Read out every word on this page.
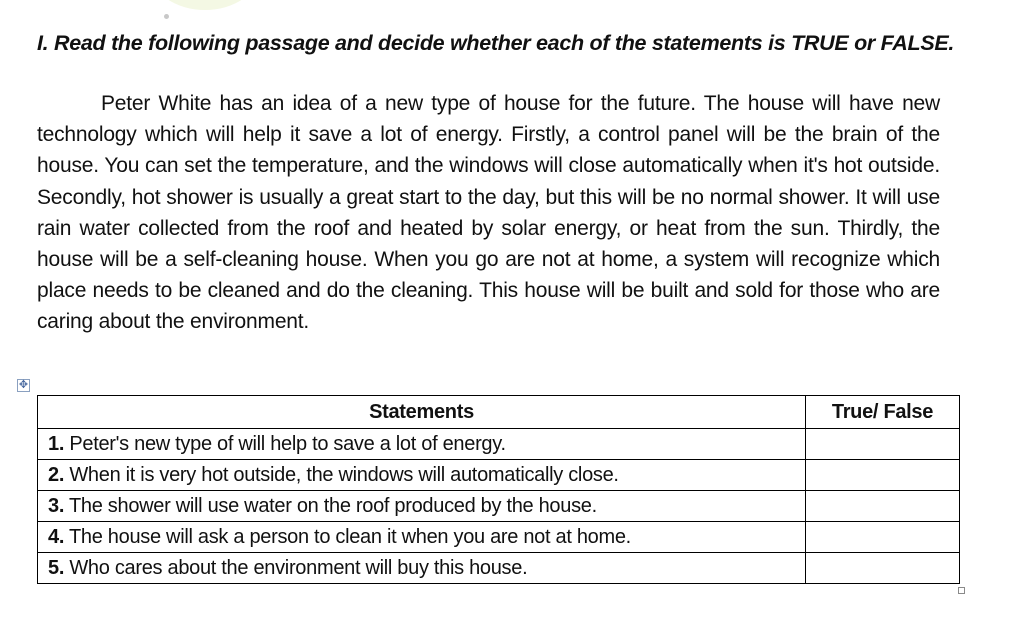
I. Read the following passage and decide whether each of the statements is TRUE or FALSE.

Peter White has an idea of a new type of house for the future. The house will have new technology which will help it save a lot of energy. Firstly, a control panel will be the brain of the house. You can set the temperature, and the windows will close automatically when it's hot outside. Secondly, hot shower is usually a great start to the day, but this will be no normal shower. It will use rain water collected from the roof and heated by solar energy, or heat from the sun. Thirdly, the house will be a self-cleaning house. When you go are not at home, a system will recognize which place needs to be cleaned and do the cleaning. This house will be built and sold for those who are caring about the environment.

✥
Statements	True/ False
1. Peter's new type of will help to save a lot of energy.	
2. When it is very hot outside, the windows will automatically close.	
3. The shower will use water on the roof produced by the house.	
4. The house will ask a person to clean it when you are not at home.	
5. Who cares about the environment will buy this house.	
